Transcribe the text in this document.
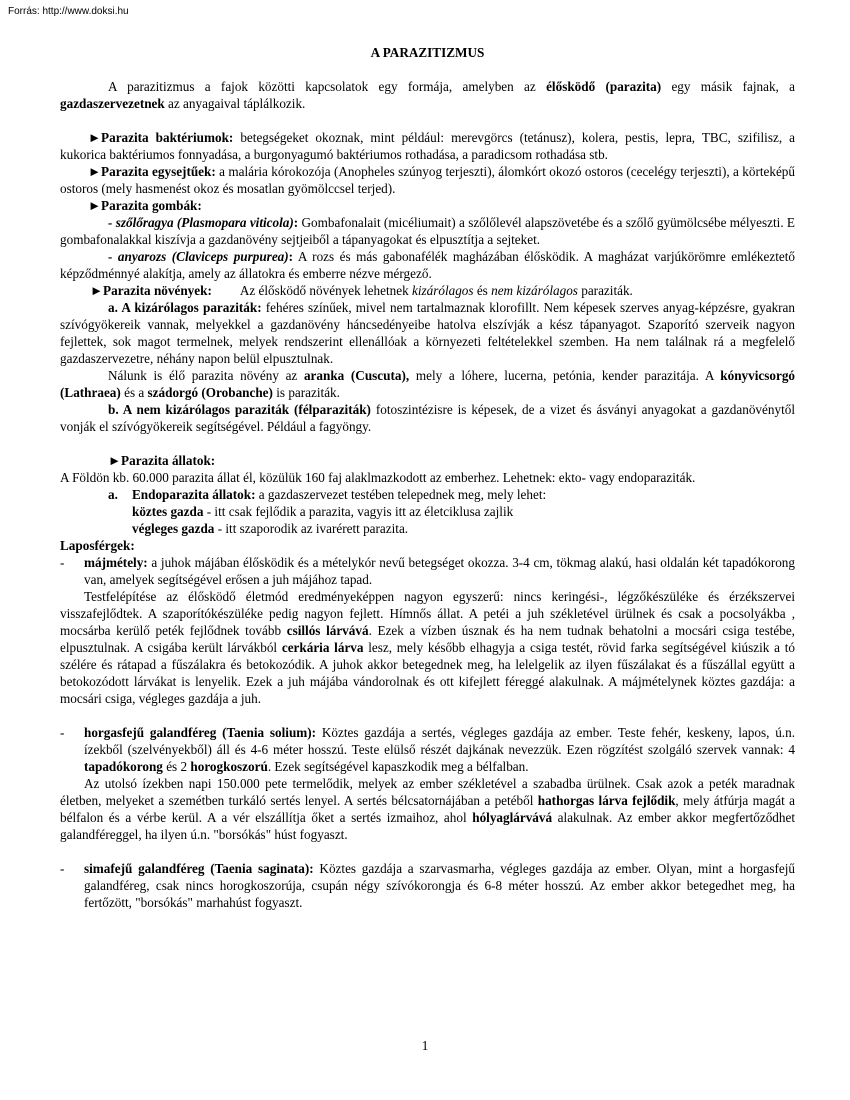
Forrás: http://www.doksi.hu

A PARAZITIZMUS

A parazitizmus a fajok közötti kapcsolatok egy formája, amelyben az élősködő (parazita) egy másik fajnak, a gazdaszervezetnek az anyagaival táplálkozik.

►Parazita baktériumok: betegségeket okoznak, mint például: merevgörcs (tetánusz), kolera, pestis, lepra, TBC, szifilisz, a kukorica baktériumos fonnyadása, a burgonyagumó baktériumos rothadása, a paradicsom rothadása stb.

►Parazita egysejtűek: a malária kórokozója (Anopheles szúnyog terjeszti), álomkórt okozó ostoros (cecelégy terjeszti), a körteképű ostoros (mely hasmenést okoz és mosatlan gyömölccsel terjed).

►Parazita gombák:

- szőlőragya (Plasmopara viticola): Gombafonalait (micéliumait) a szőlőlevél alapszövetébe és a szőlő gyümölcsébe mélyeszti. E gombafonalakkal kiszívja a gazdanövény sejtjeiből a tápanyagokat és elpusztítja a sejteket.

- anyarozs (Claviceps purpurea): A rozs és más gabonafélék magházában élősködik. A magházat varjúkörömre emlékeztető képződménnyé alakítja, amely az állatokra és emberre nézve mérgező.

►Parazita növények: Az élősködő növények lehetnek kizárólagos és nem kizárólagos paraziták.

a. A kizárólagos paraziták: fehéres színűek, mivel nem tartalmaznak klorofillt. Nem képesek szerves anyag-képzésre, gyakran szívógyökereik vannak, melyekkel a gazdanövény háncsedényeibe hatolva elszívják a kész tápanyagot. Szaporító szerveik nagyon fejlettek, sok magot termelnek, melyek rendszerint ellenállóak a környezeti feltételekkel szemben. Ha nem találnak rá a megfelelő gazdaszervezetre, néhány napon belül elpusztulnak.

Nálunk is élő parazita növény az aranka (Cuscuta), mely a lóhere, lucerna, petónia, kender parazitája. A kónyvicsorgó (Lathraea) és a szádorgó (Orobanche) is paraziták.

b. A nem kizárólagos paraziták (félparaziták) fotoszintézisre is képesek, de a vizet és ásványi anyagokat a gazdanövénytől vonják el szívógyökereik segítségével. Például a fagyöngy.

►Parazita állatok:

A Földön kb. 60.000 parazita állat él, közülük 160 faj alaklmazkodott az emberhez. Lehetnek: ekto- vagy endoparaziták.

a. Endoparazita állatok: a gazdaszervezet testében telepednek meg, mely lehet:

köztes gazda - itt csak fejlődik a parazita, vagyis itt az életciklusa zajlik

végleges gazda - itt szaporodik az ivarérett parazita.

Laposférgek:

- májmétely: a juhok májában élősködik és a mételykór nevű betegséget okozza. 3-4 cm, tökmag alakú, hasi oldalán két tapadókorong van, amelyek segítségével erősen a juh májához tapad.

Testfelépítése az élősködő életmód eredményeképpen nagyon egyszerű: nincs keringési-, légzőkészüléke és érzékszervei visszafejlődtek. A szaporítókészüléke pedig nagyon fejlett. Hímnős állat. A petéi a juh székletével ürülnek és csak a pocsolyákba , mocsárba kerülő peték fejlődnek tovább csillós lárvává. Ezek a vízben úsznak és ha nem tudnak behatolni a mocsári csiga testébe, elpusztulnak. A csigába került lárvákból cerkária lárva lesz, mely később elhagyja a csiga testét, rövid farka segítségével kiúszik a tó szélére és rátapad a fűszálakra és betokozódik. A juhok akkor betegednek meg, ha lelelgelik az ilyen fűszálakat és a fűszállal együtt a betokozódott lárvákat is lenyelik. Ezek a juh májába vándorolnak és ott kifejlett féreggé alakulnak. A májmételynek köztes gazdája: a mocsári csiga, végleges gazdája a juh.

- horgasfejű galandféreg (Taenia solium): Köztes gazdája a sertés, végleges gazdája az ember. Teste fehér, keskeny, lapos, ú.n. ízekből (szelvényekből) áll és 4-6 méter hosszú. Teste elülső részét dajkának nevezzük. Ezen rögzítést szolgáló szervek vannak: 4 tapadókorong és 2 horogkoszorú. Ezek segítségével kapaszkodik meg a bélfalban.

Az utolsó ízekben napi 150.000 pete termelődik, melyek az ember székletével a szabadba ürülnek. Csak azok a peték maradnak életben, melyeket a szemétben turkáló sertés lenyel. A sertés bélcsatornájában a petéből hathorgas lárva fejlődik, mely átfúrja magát a bélfalon és a vérbe kerül. A a vér elszállítja őket a sertés izmaihoz, ahol hólyaglárvává alakulnak. Az ember akkor megfertőződhet galandféreggel, ha ilyen ú.n. "borsókás" húst fogyaszt.

- simafejű galandféreg (Taenia saginata): Köztes gazdája a szarvasmarha, végleges gazdája az ember. Olyan, mint a horgasfejű galandféreg, csak nincs horogkoszorúja, csupán négy szívókorongja és 6-8 méter hosszú. Az ember akkor betegedhet meg, ha fertőzött, "borsókás" marhahúst fogyaszt.

1
